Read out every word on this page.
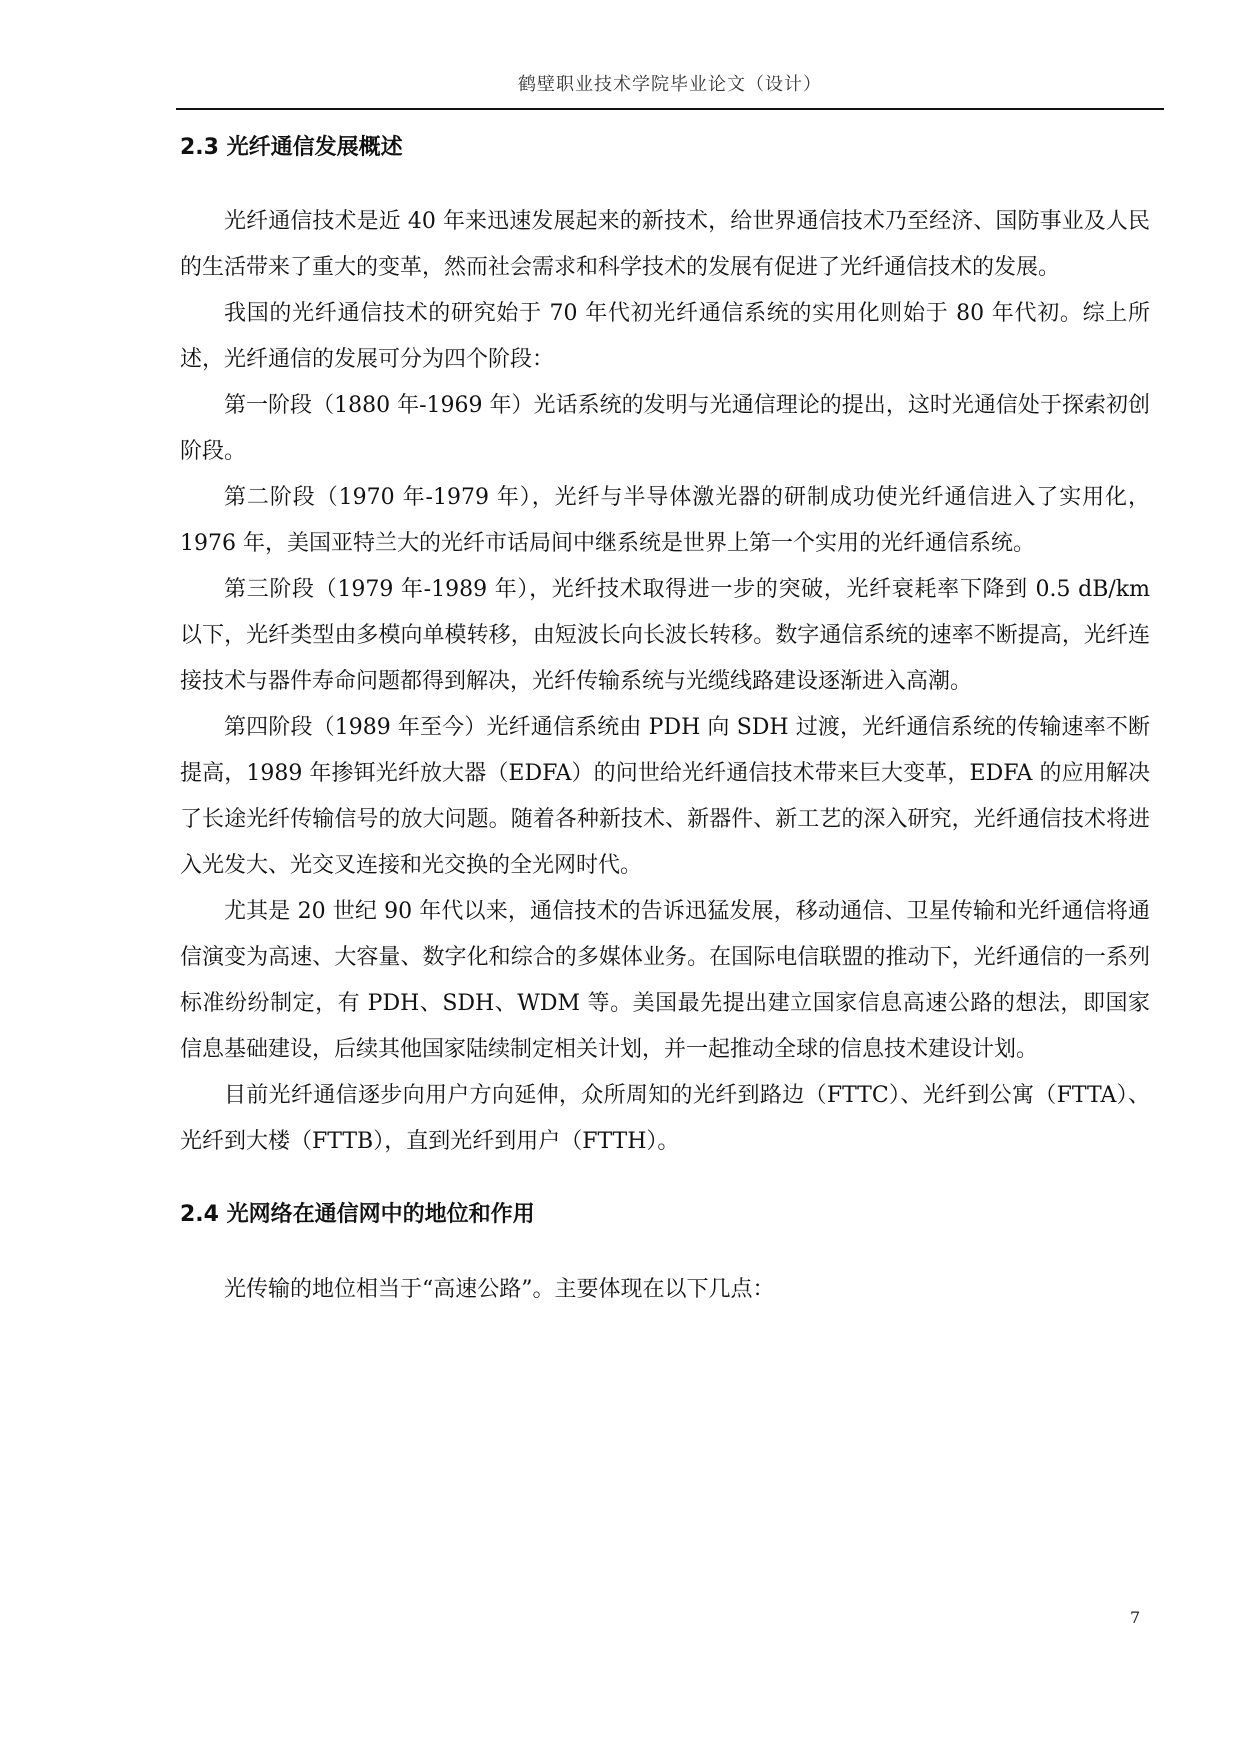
鹤壁职业技术学院毕业论文（设计）
2.3 光纤通信发展概述

光纤通信技术是近 40 年来迅速发展起来的新技术，给世界通信技术乃至经济、国防事业及人民的生活带来了重大的变革，然而社会需求和科学技术的发展有促进了光纤通信技术的发展。

我国的光纤通信技术的研究始于 70 年代初光纤通信系统的实用化则始于 80 年代初。综上所述，光纤通信的发展可分为四个阶段：

第一阶段（1880 年-1969 年）光话系统的发明与光通信理论的提出，这时光通信处于探索初创阶段。

第二阶段（1970 年-1979 年），光纤与半导体激光器的研制成功使光纤通信进入了实用化，1976 年，美国亚特兰大的光纤市话局间中继系统是世界上第一个实用的光纤通信系统。

第三阶段（1979 年-1989 年），光纤技术取得进一步的突破，光纤衰耗率下降到 0.5 dB/km 以下，光纤类型由多模向单模转移，由短波长向长波长转移。数字通信系统的速率不断提高，光纤连接技术与器件寿命问题都得到解决，光纤传输系统与光缆线路建设逐渐进入高潮。

第四阶段（1989 年至今）光纤通信系统由 PDH 向 SDH 过渡，光纤通信系统的传输速率不断提高，1989 年掺铒光纤放大器（EDFA）的问世给光纤通信技术带来巨大变革，EDFA 的应用解决了长途光纤传输信号的放大问题。随着各种新技术、新器件、新工艺的深入研究，光纤通信技术将进入光发大、光交叉连接和光交换的全光网时代。

尤其是 20 世纪 90 年代以来，通信技术的告诉迅猛发展，移动通信、卫星传输和光纤通信将通信演变为高速、大容量、数字化和综合的多媒体业务。在国际电信联盟的推动下，光纤通信的一系列标准纷纷制定，有 PDH、SDH、WDM 等。美国最先提出建立国家信息高速公路的想法，即国家信息基础建设，后续其他国家陆续制定相关计划，并一起推动全球的信息技术建设计划。

目前光纤通信逐步向用户方向延伸，众所周知的光纤到路边（FTTC）、光纤到公寓（FTTA）、光纤到大楼（FTTB），直到光纤到用户（FTTH）。

2.4 光网络在通信网中的地位和作用

光传输的地位相当于“高速公路”。主要体现在以下几点：

7
